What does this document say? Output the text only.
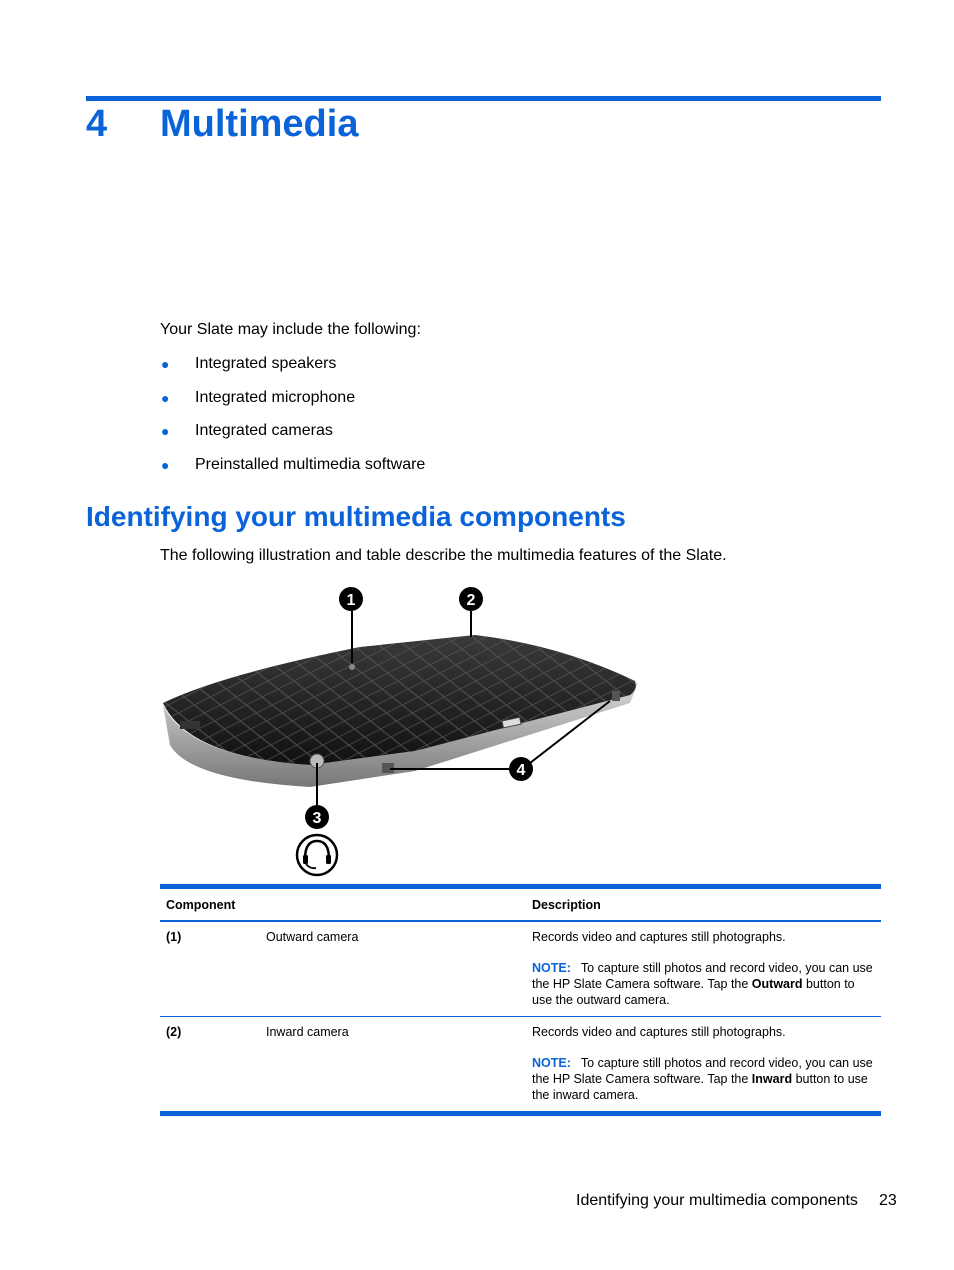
4 Multimedia
Your Slate may include the following:
● Integrated speakers
● Integrated microphone
● Integrated cameras
● Preinstalled multimedia software
Identifying your multimedia components
The following illustration and table describe the multimedia features of the Slate.
1	2
3
4
Component		Description
(1)	Outward camera	Records video and captures still photographs.

NOTE: To capture still photos and record video, you can use the HP Slate Camera software. Tap the Outward button to use the outward camera.

(2)	Inward camera	Records video and captures still photographs.

NOTE: To capture still photos and record video, you can use the HP Slate Camera software. Tap the Inward button to use the inward camera.

Identifying your multimedia components 23
